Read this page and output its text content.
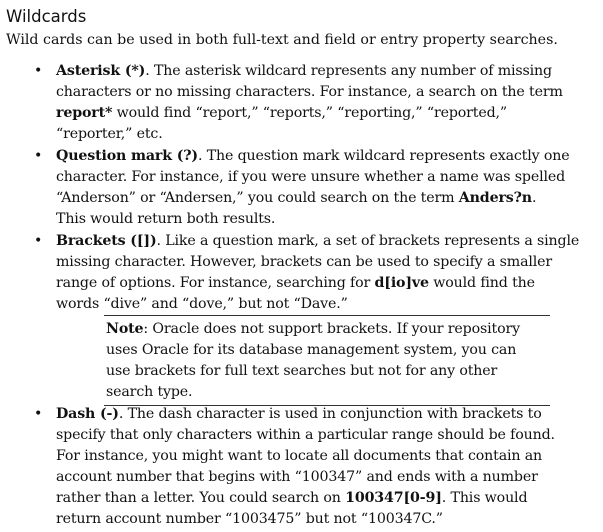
Wildcards

Wild cards can be used in both full-text and field or entry property searches.

• Asterisk (*). The asterisk wildcard represents any number of missing
characters or no missing characters. For instance, a search on the term
report* would find “report,” “reports,” “reporting,” “reported,”
“reporter,” etc.

• Question mark (?). The question mark wildcard represents exactly one
character. For instance, if you were unsure whether a name was spelled
“Anderson” or “Andersen,” you could search on the term Anders?n.
This would return both results.

• Brackets ([]). Like a question mark, a set of brackets represents a single
missing character. However, brackets can be used to specify a smaller
range of options. For instance, searching for d[io]ve would find the
words “dive” and “dove,” but not “Dave.”

Note: Oracle does not support brackets. If your repository
uses Oracle for its database management system, you can
use brackets for full text searches but not for any other
search type.

• Dash (-). The dash character is used in conjunction with brackets to
specify that only characters within a particular range should be found.
For instance, you might want to locate all documents that contain an
account number that begins with “100347” and ends with a number
rather than a letter. You could search on 100347[0-9]. This would
return account number “1003475” but not “100347C.”
